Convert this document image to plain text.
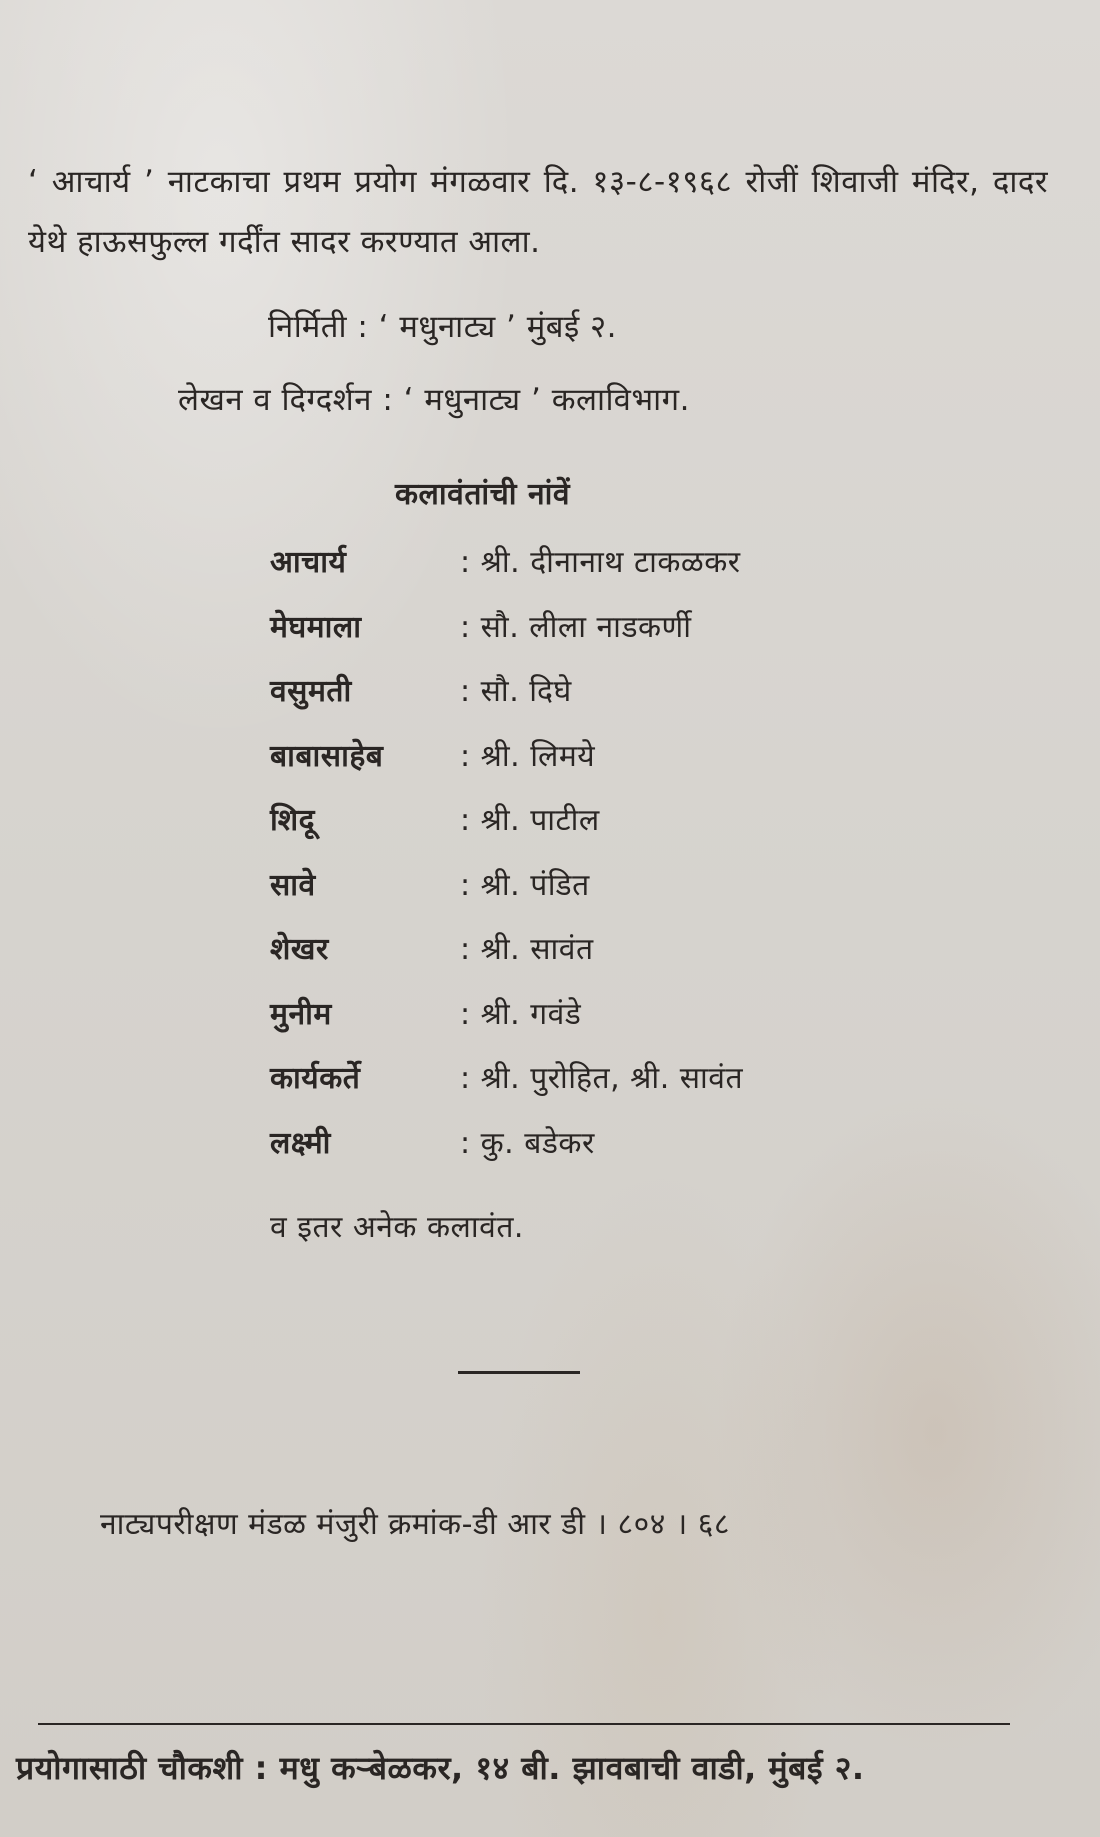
‘ आचार्य ’ नाटकाचा प्रथम प्रयोग मंगळवार दि. १३-८-१९६८ रोजीं शिवाजी मंदिर, दादर येथे हाऊसफुल्ल गर्दींत सादर करण्यात आला.

निर्मिती : ‘ मधुनाट्य ’ मुंबई २.
लेखन व दिग्दर्शन : ‘ मधुनाट्य ’ कलाविभाग.
कलावंतांची नांवें
आचार्य	: श्री. दीनानाथ टाकळकर
मेघमाला	: सौ. लीला नाडकर्णी
वसुमती	: सौ. दिघे
बाबासाहेब	: श्री. लिमये
शिदू	: श्री. पाटील
सावे	: श्री. पंडित
शेखर	: श्री. सावंत
मुनीम	: श्री. गवंडे
कार्यकर्ते	: श्री. पुरोहित, श्री. सावंत
लक्ष्मी	: कु. बडेकर
व इतर अनेक कलावंत.
नाट्यपरीक्षण मंडळ मंजुरी क्रमांक-डी आर डी । ८०४ । ६८
प्रयोगासाठी चौकशी : मधु कर्‍बेळकर, १४ बी. झावबाची वाडी, मुंबई २.
